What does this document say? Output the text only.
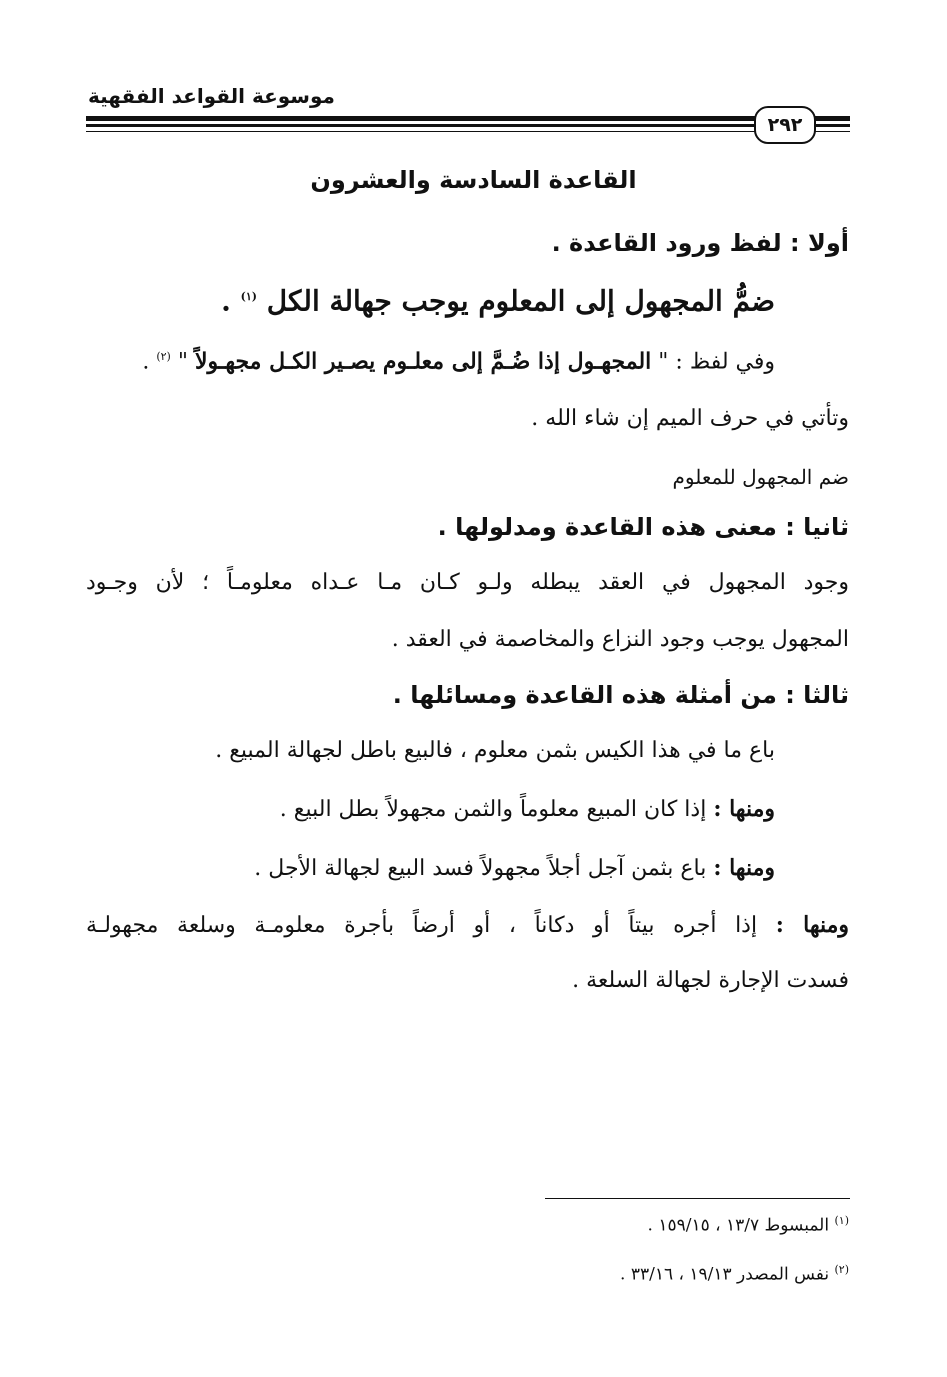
موسوعة القواعد الفقهية
٢٩٢
القاعدة السادسة والعشرون
أولا : لفظ ورود القاعدة .
ضمُّ المجهول إلى المعلوم يوجب جهالة الكل $^{(١)}$ .
وفي لفظ : " المجهـول إذا ضُـمَّ إلى معلـوم يصـير الكـل مجهـولاً " $^{(٢)}$ .
وتأتي في حرف الميم إن شاء الله .
ضم المجهول للمعلوم
ثانيا : معنى هذه القاعدة ومدلولها .
وجود المجهول في العقد يبطله ولـو كـان مـا عـداه معلومـاً ؛ لأن وجـود
المجهول يوجب وجود النزاع والمخاصمة في العقد .
ثالثا : من أمثلة هذه القاعدة ومسائلها .
باع ما في هذا الكيس بثمن معلوم ، فالبيع باطل لجهالة المبيع .
ومنها : إذا كان المبيع معلوماً والثمن مجهولاً بطل البيع .
ومنها : باع بثمن آجل أجلاً مجهولاً فسد البيع لجهالة الأجل .
ومنها : إذا أجره بيتاً أو دكاناً ، أو أرضاً بأجرة معلومـة وسلعة مجهولـة
فسدت الإجارة لجهالة السلعة .
$^{(١)}$ المبسوط ١٣/٧ ، ١٥٩/١٥ .
$^{(٢)}$ نفس المصدر ١٩/١٣ ، ٣٣/١٦ .
